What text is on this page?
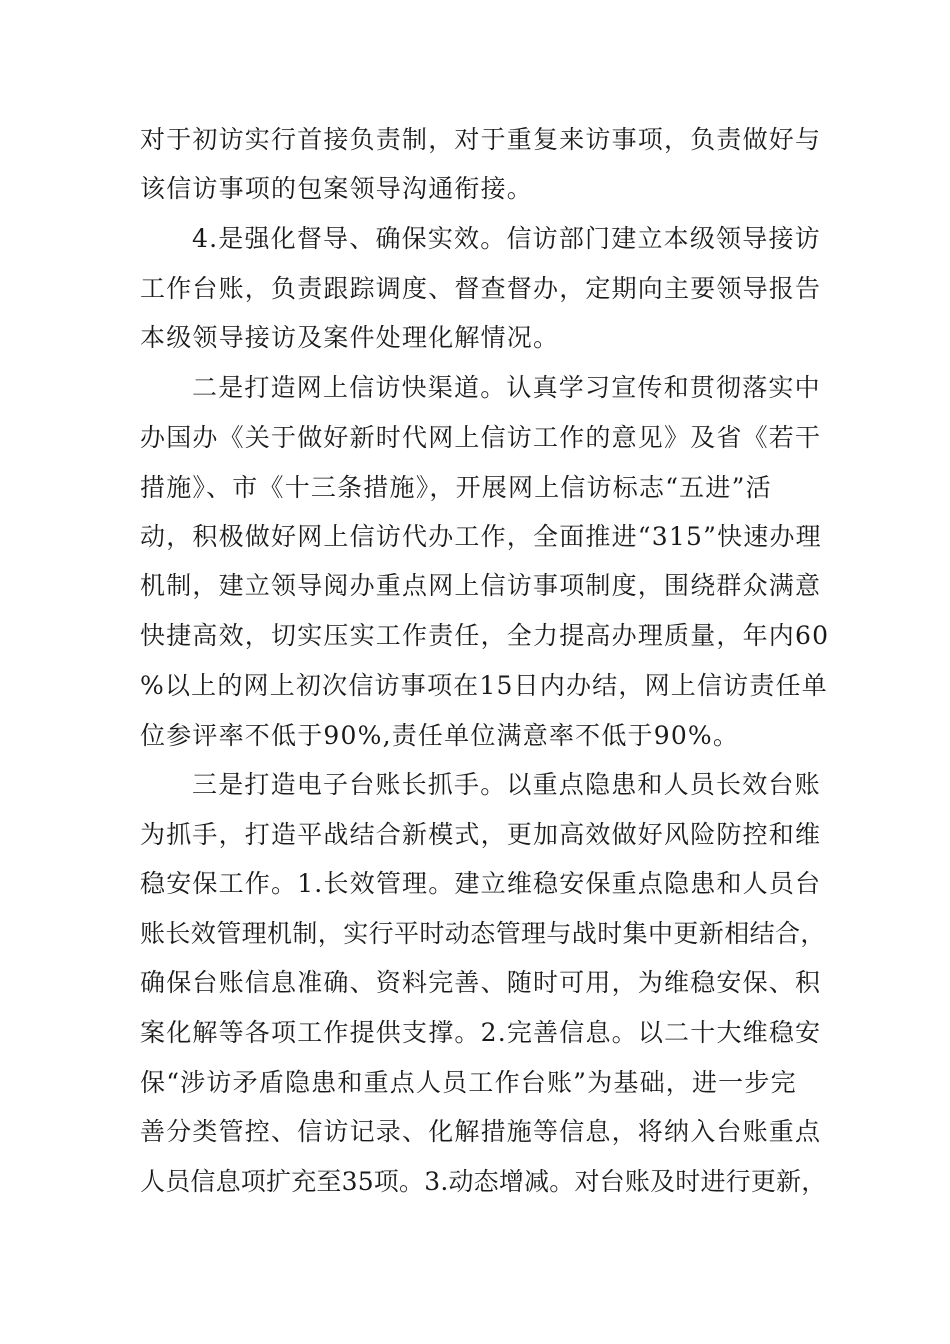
对于初访实行首接负责制，对于重复来访事项，负责做好与
该信访事项的包案领导沟通衔接。
4.是强化督导、确保实效。信访部门建立本级领导接访
工作台账，负责跟踪调度、督查督办，定期向主要领导报告
本级领导接访及案件处理化解情况。
二是打造网上信访快渠道。认真学习宣传和贯彻落实中
办国办《关于做好新时代网上信访工作的意见》及省《若干
措施》、市《十三条措施》，开展网上信访标志“五进”活
动，积极做好网上信访代办工作，全面推进“315”快速办理
机制，建立领导阅办重点网上信访事项制度，围绕群众满意
快捷高效，切实压实工作责任，全力提高办理质量，年内60
%以上的网上初次信访事项在15日内办结，网上信访责任单
位参评率不低于90%,责任单位满意率不低于90%。
三是打造电子台账长抓手。以重点隐患和人员长效台账
为抓手，打造平战结合新模式，更加高效做好风险防控和维
稳安保工作。1.长效管理。建立维稳安保重点隐患和人员台
账长效管理机制，实行平时动态管理与战时集中更新相结合，
确保台账信息准确、资料完善、随时可用，为维稳安保、积
案化解等各项工作提供支撑。2.完善信息。以二十大维稳安
保“涉访矛盾隐患和重点人员工作台账”为基础，进一步完
善分类管控、信访记录、化解措施等信息，将纳入台账重点
人员信息项扩充至35项。3.动态增减。对台账及时进行更新，
